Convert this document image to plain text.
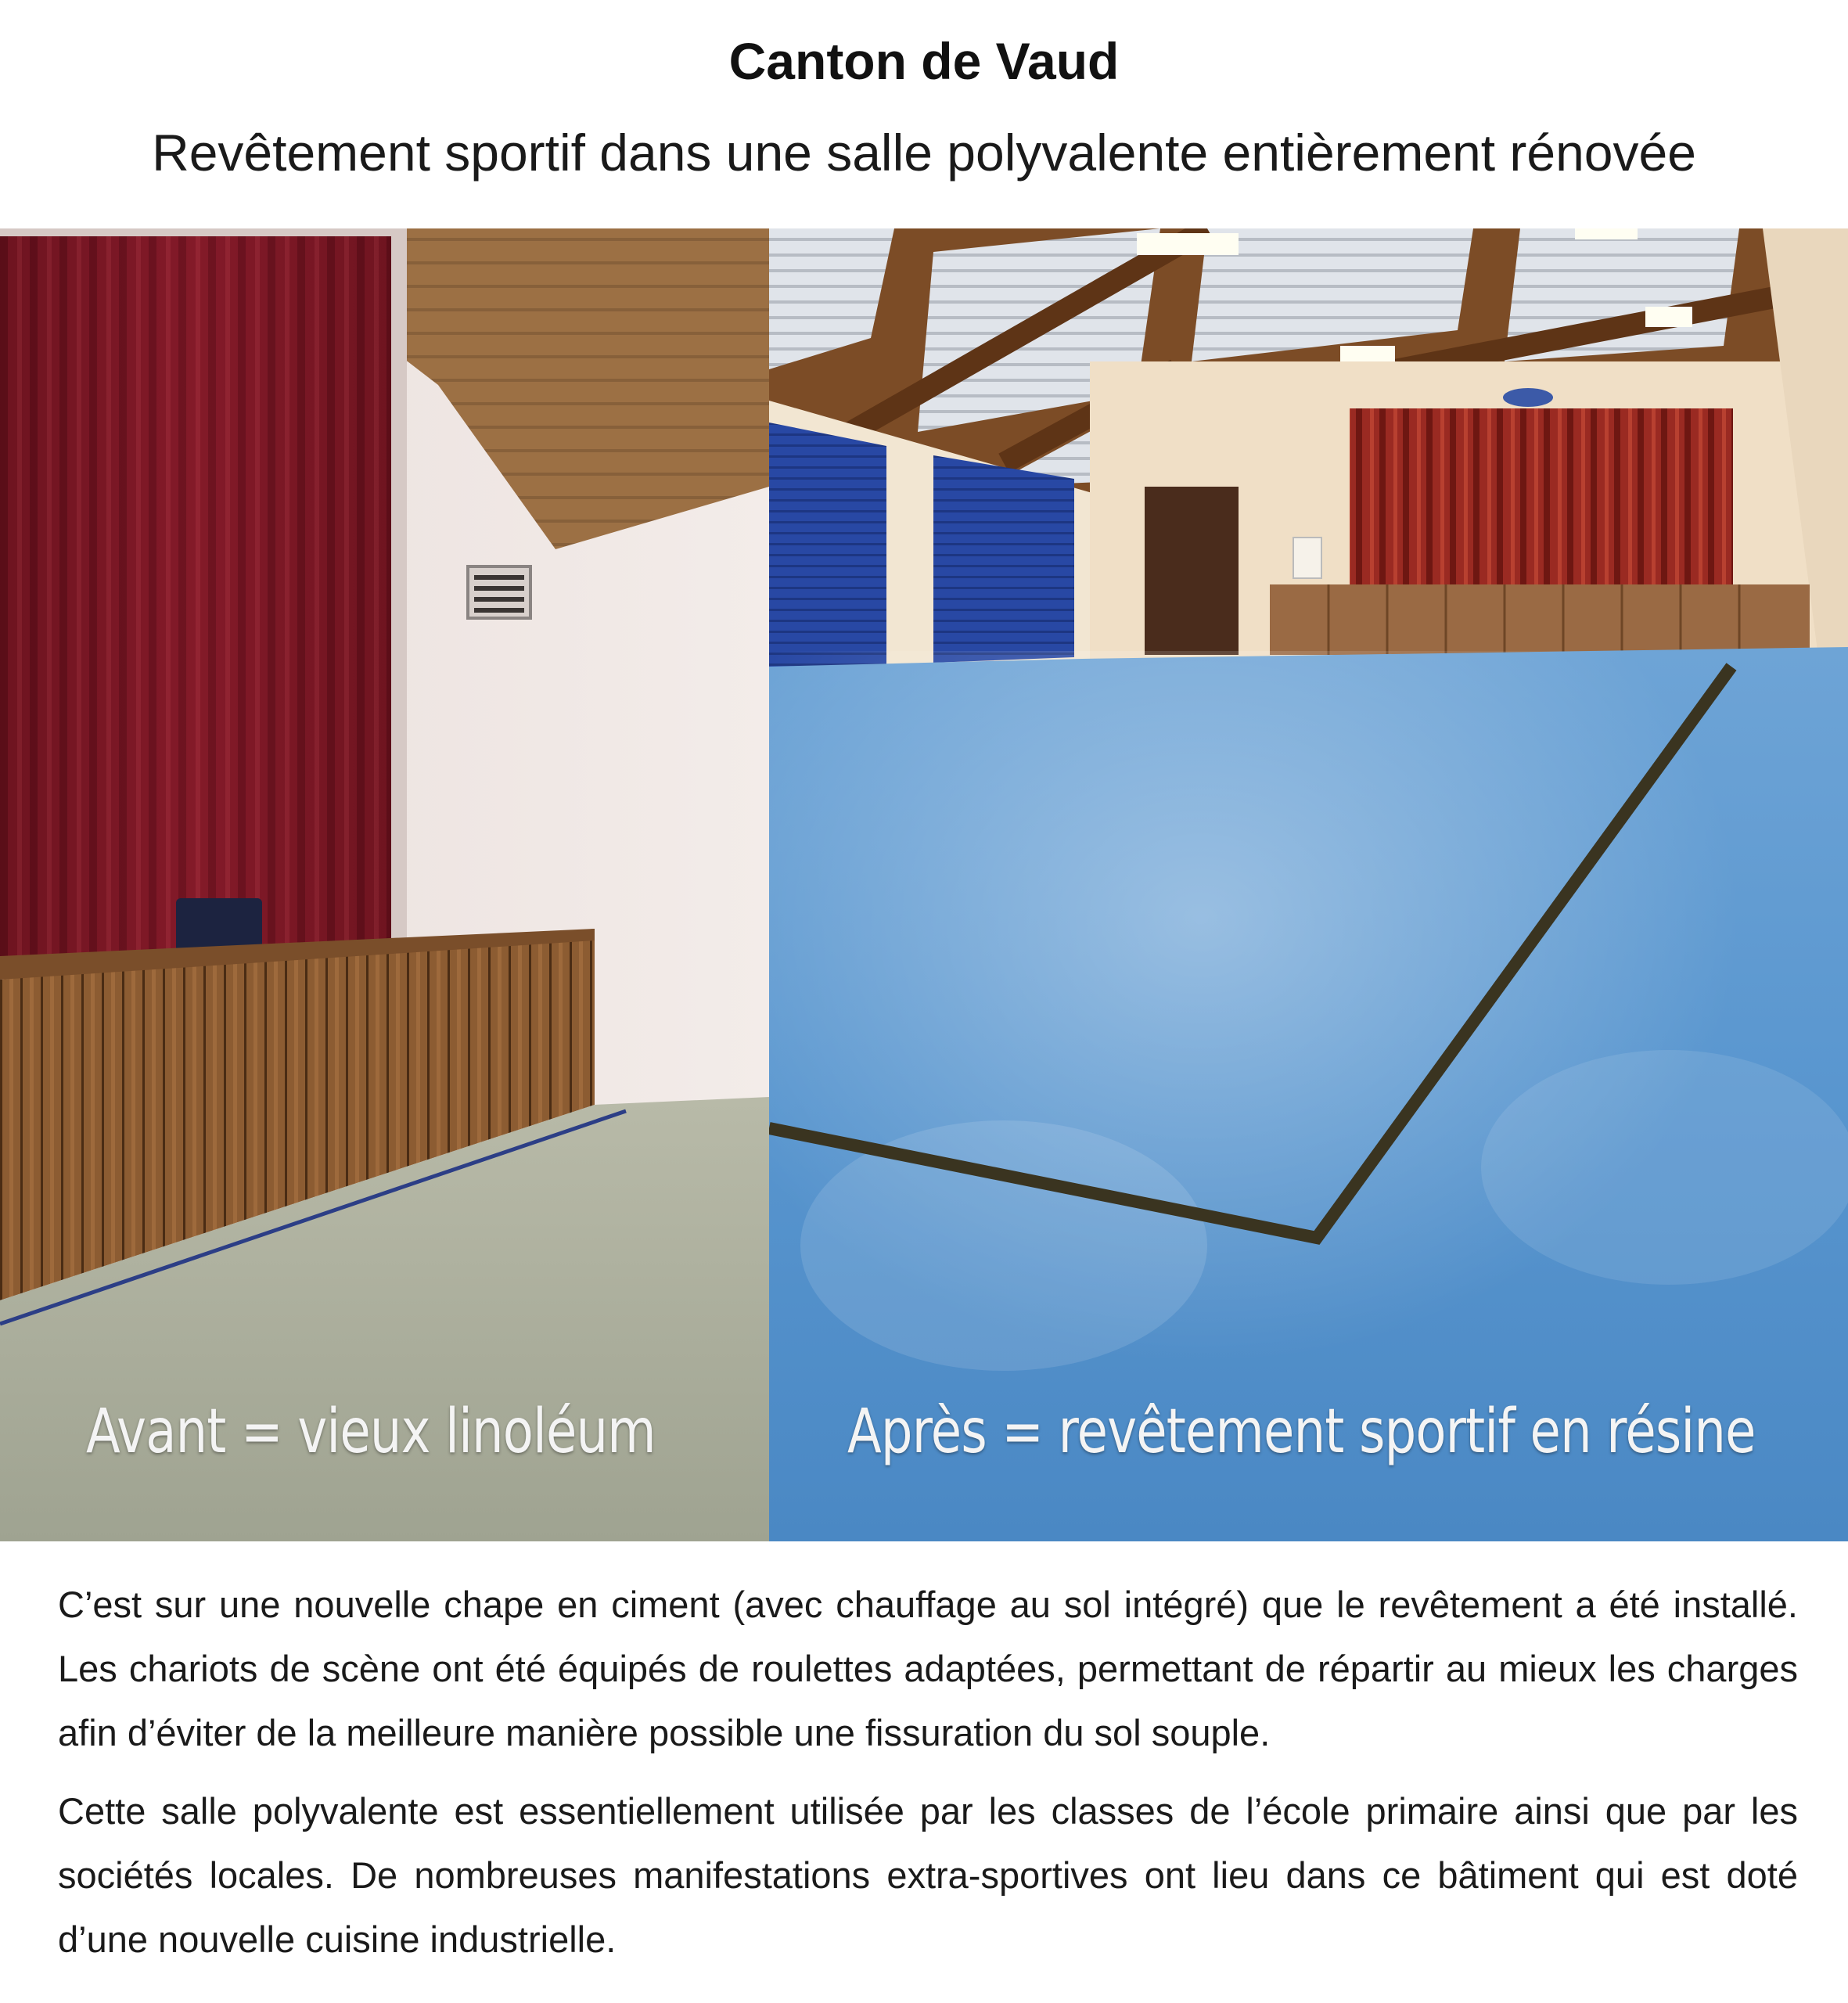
Canton de Vaud
Revêtement sportif dans une salle polyvalente entièrement rénovée
Avant = vieux linoléum	Après = revêtement sportif en résine

C’est sur une nouvelle chape en ciment (avec chauffage au sol intégré) que le revêtement a été installé. Les chariots de scène ont été équipés de roulettes adaptées, permettant de répartir au mieux les charges afin d’éviter de la meilleure manière possible une fissuration du sol souple.

Cette salle polyvalente est essentiellement utilisée par les classes de l’école primaire ainsi que par les sociétés locales. De nombreuses manifestations extra-sportives ont lieu dans ce bâtiment qui est doté d’une nouvelle cuisine industrielle.
